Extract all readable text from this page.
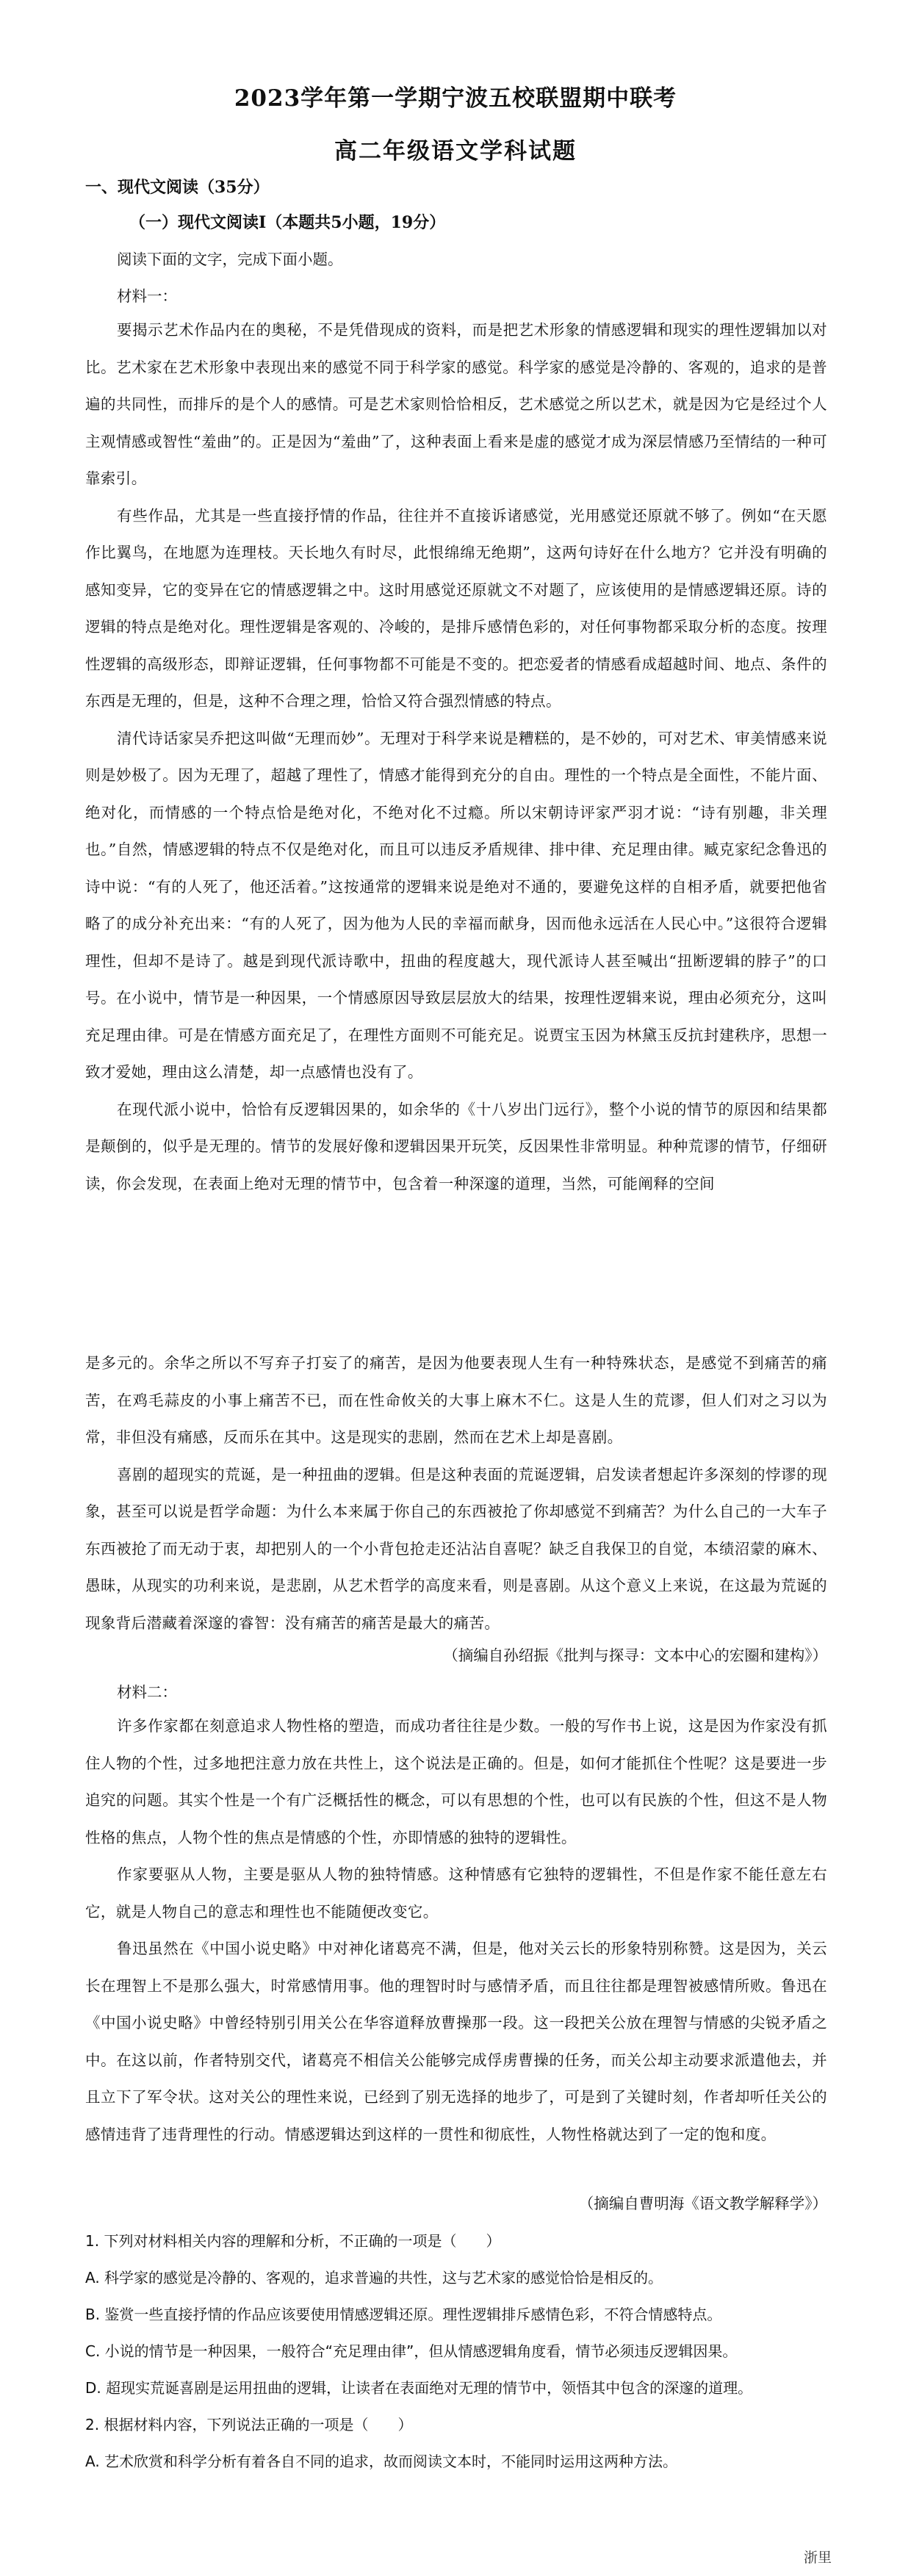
2023学年第一学期宁波五校联盟期中联考
高二年级语文学科试题
一、现代文阅读（35分）
（一）现代文阅读Ⅰ（本题共5小题，19分）
阅读下面的文字，完成下面小题。
材料一：

要揭示艺术作品内在的奥秘，不是凭借现成的资料，而是把艺术形象的情感逻辑和现实的理性逻辑加以对比。艺术家在艺术形象中表现出来的感觉不同于科学家的感觉。科学家的感觉是冷静的、客观的，追求的是普遍的共同性，而排斥的是个人的感情。可是艺术家则恰恰相反，艺术感觉之所以艺术，就是因为它是经过个人主观情感或智性“羞曲”的。正是因为“羞曲”了，这种表面上看来是虚的感觉才成为深层情感乃至情结的一种可靠索引。

有些作品，尤其是一些直接抒情的作品，往往并不直接诉诸感觉，光用感觉还原就不够了。例如“在天愿作比翼鸟，在地愿为连理枝。天长地久有时尽，此恨绵绵无绝期”，这两句诗好在什么地方？它并没有明确的感知变异，它的变异在它的情感逻辑之中。这时用感觉还原就文不对题了，应该使用的是情感逻辑还原。诗的逻辑的特点是绝对化。理性逻辑是客观的、冷峻的，是排斥感情色彩的，对任何事物都采取分析的态度。按理性逻辑的高级形态，即辩证逻辑，任何事物都不可能是不变的。把恋爱者的情感看成超越时间、地点、条件的东西是无理的，但是，这种不合理之理，恰恰又符合强烈情感的特点。

清代诗话家吴乔把这叫做“无理而妙”。无理对于科学来说是糟糕的，是不妙的，可对艺术、审美情感来说则是妙极了。因为无理了，超越了理性了，情感才能得到充分的自由。理性的一个特点是全面性，不能片面、绝对化，而情感的一个特点恰是绝对化，不绝对化不过瘾。所以宋朝诗评家严羽才说：“诗有别趣，非关理也。”自然，情感逻辑的特点不仅是绝对化，而且可以违反矛盾规律、排中律、充足理由律。臧克家纪念鲁迅的诗中说：“有的人死了，他还活着。”这按通常的逻辑来说是绝对不通的，要避免这样的自相矛盾，就要把他省略了的成分补充出来：“有的人死了，因为他为人民的幸福而献身，因而他永远活在人民心中。”这很符合逻辑理性，但却不是诗了。越是到现代派诗歌中，扭曲的程度越大，现代派诗人甚至喊出“扭断逻辑的脖子”的口号。在小说中，情节是一种因果，一个情感原因导致层层放大的结果，按理性逻辑来说，理由必须充分，这叫充足理由律。可是在情感方面充足了，在理性方面则不可能充足。说贾宝玉因为林黛玉反抗封建秩序，思想一致才爱她，理由这么清楚，却一点感情也没有了。

在现代派小说中，恰恰有反逻辑因果的，如余华的《十八岁出门远行》，整个小说的情节的原因和结果都是颠倒的，似乎是无理的。情节的发展好像和逻辑因果开玩笑，反因果性非常明显。种种荒谬的情节，仔细研读，你会发现，在表面上绝对无理的情节中，包含着一种深邃的道理，当然，可能阐释的空间

是多元的。余华之所以不写弃子打妄了的痛苦，是因为他要表现人生有一种特殊状态，是感觉不到痛苦的痛苦，在鸡毛蒜皮的小事上痛苦不已，而在性命攸关的大事上麻木不仁。这是人生的荒谬，但人们对之习以为常，非但没有痛感，反而乐在其中。这是现实的悲剧，然而在艺术上却是喜剧。

喜剧的超现实的荒诞，是一种扭曲的逻辑。但是这种表面的荒诞逻辑，启发读者想起许多深刻的悖谬的现象，甚至可以说是哲学命题：为什么本来属于你自己的东西被抢了你却感觉不到痛苦？为什么自己的一大车子东西被抢了而无动于衷，却把别人的一个小背包抢走还沾沾自喜呢？缺乏自我保卫的自觉，本绩沼蒙的麻木、愚昧，从现实的功利来说，是悲剧，从艺术哲学的高度来看，则是喜剧。从这个意义上来说，在这最为荒诞的现象背后潜藏着深邃的睿智：没有痛苦的痛苦是最大的痛苦。

（摘编自孙绍振《批判与探寻：文本中心的宏圈和建构》）
材料二：

许多作家都在刻意追求人物性格的塑造，而成功者往往是少数。一般的写作书上说，这是因为作家没有抓住人物的个性，过多地把注意力放在共性上，这个说法是正确的。但是，如何才能抓住个性呢？这是要进一步追究的问题。其实个性是一个有广泛概括性的概念，可以有思想的个性，也可以有民族的个性，但这不是人物性格的焦点，人物个性的焦点是情感的个性，亦即情感的独特的逻辑性。

作家要驱从人物，主要是驱从人物的独特情感。这种情感有它独特的逻辑性，不但是作家不能任意左右它，就是人物自己的意志和理性也不能随便改变它。

鲁迅虽然在《中国小说史略》中对神化诸葛亮不满，但是，他对关云长的形象特别称赞。这是因为，关云长在理智上不是那么强大，时常感情用事。他的理智时时与感情矛盾，而且往往都是理智被感情所败。鲁迅在《中国小说史略》中曾经特别引用关公在华容道释放曹操那一段。这一段把关公放在理智与情感的尖锐矛盾之中。在这以前，作者特别交代，诸葛亮不相信关公能够完成俘虏曹操的任务，而关公却主动要求派遣他去，并且立下了军令状。这对关公的理性来说，已经到了别无选择的地步了，可是到了关键时刻，作者却听任关公的感情违背了违背理性的行动。情感逻辑达到这样的一贯性和彻底性，人物性格就达到了一定的饱和度。

（摘编自曹明海《语文教学解释学》）
1. 下列对材料相关内容的理解和分析，不正确的一项是（　　）
A. 科学家的感觉是冷静的、客观的，追求普遍的共性，这与艺术家的感觉恰恰是相反的。
B. 鉴赏一些直接抒情的作品应该要使用情感逻辑还原。理性逻辑排斥感情色彩，不符合情感特点。
C. 小说的情节是一种因果，一般符合“充足理由律”，但从情感逻辑角度看，情节必须违反逻辑因果。
D. 超现实荒诞喜剧是运用扭曲的逻辑，让读者在表面绝对无理的情节中，领悟其中包含的深邃的道理。
2. 根据材料内容，下列说法正确的一项是（　　）
A. 艺术欣赏和科学分析有着各自不同的追求，故而阅读文本时，不能同时运用这两种方法。
浙里
